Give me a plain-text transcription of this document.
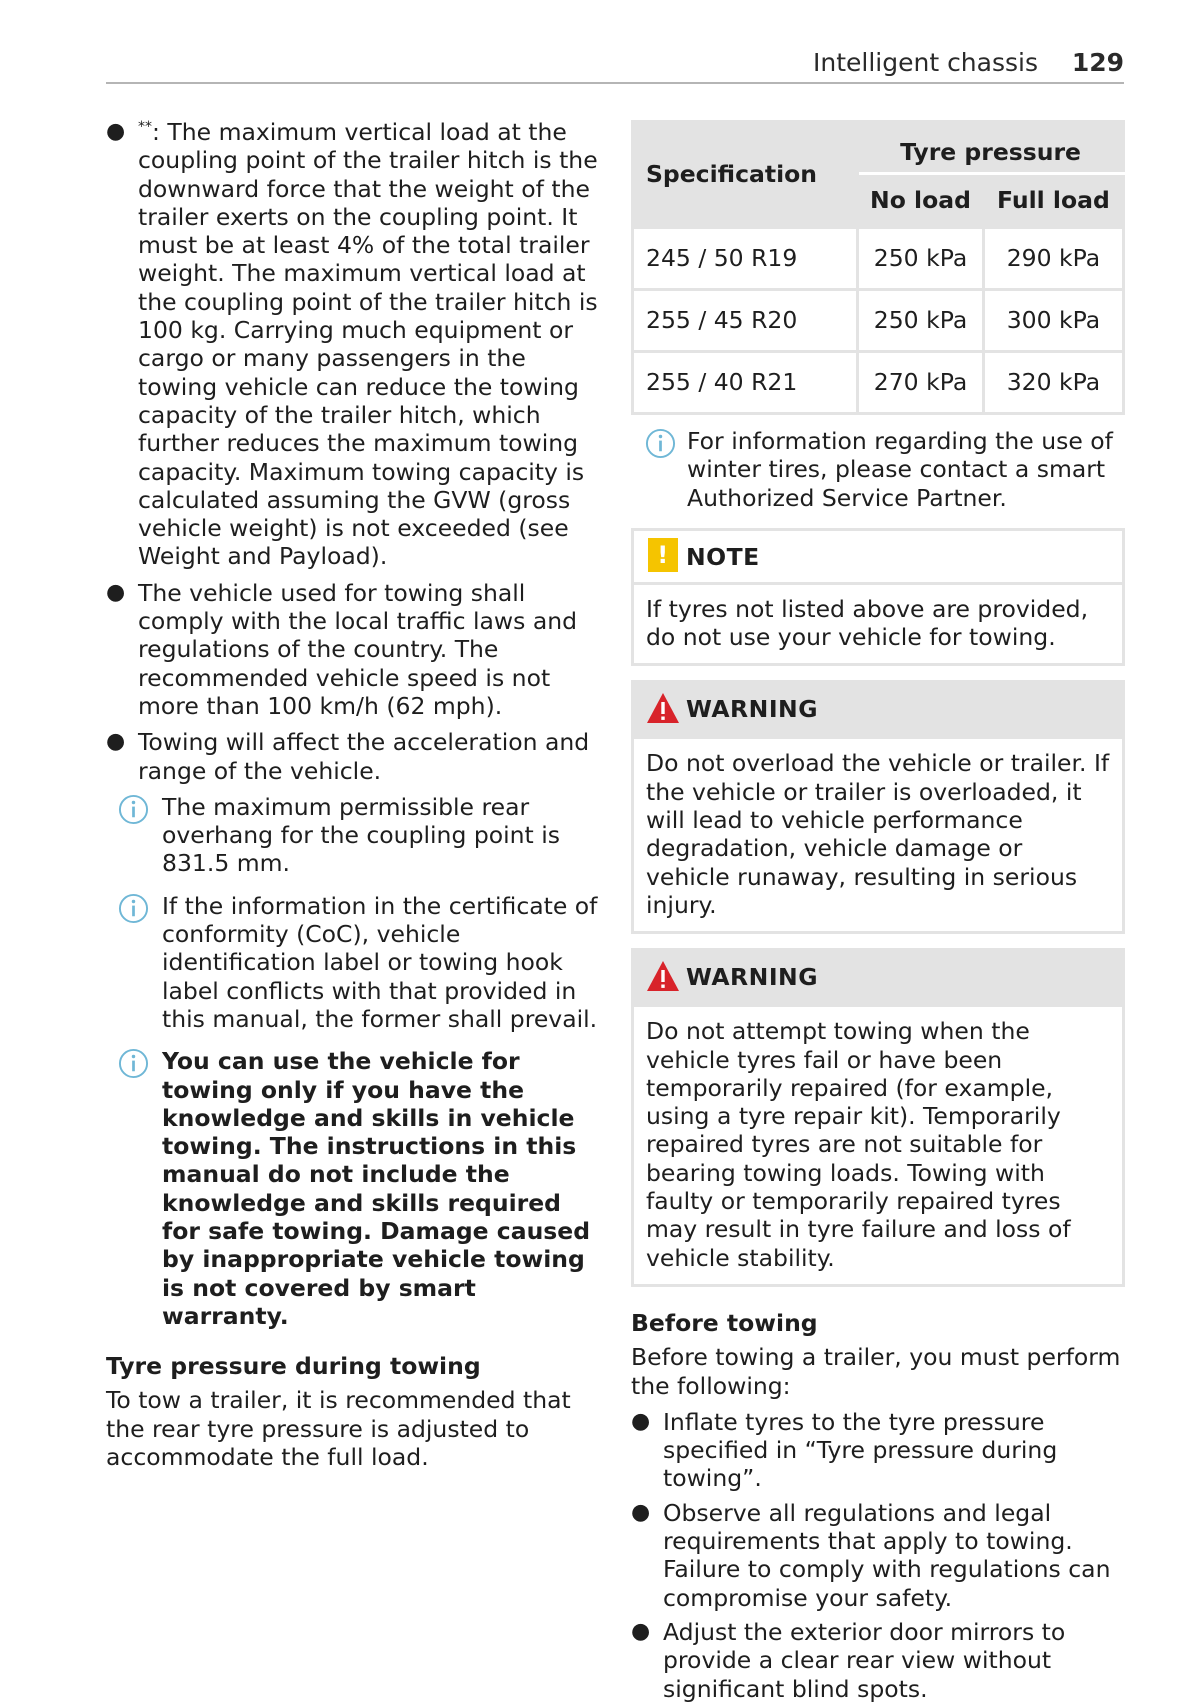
Intelligent chassis 129
● **: The maximum vertical load at the coupling point of the trailer hitch is the downward force that the weight of the trailer exerts on the coupling point. It must be at least 4% of the total trailer weight. The maximum vertical load at the coupling point of the trailer hitch is 100 kg. Carrying much equipment or cargo or many passengers in the towing vehicle can reduce the towing capacity of the trailer hitch, which further reduces the maximum towing capacity. Maximum towing capacity is calculated assuming the GVW (gross vehicle weight) is not exceeded (see Weight and Payload).
● The vehicle used for towing shall comply with the local traffic laws and regulations of the country. The recommended vehicle speed is not more than 100 km/h (62 mph).
● Towing will affect the acceleration and range of the vehicle.
The maximum permissible rear overhang for the coupling point is 831.5 mm.
If the information in the certificate of conformity (CoC), vehicle identification label or towing hook label conflicts with that provided in this manual, the former shall prevail.
You can use the vehicle for towing only if you have the knowledge and skills in vehicle towing. The instructions in this manual do not include the knowledge and skills required for safe towing. Damage caused by inappropriate vehicle towing is not covered by smart warranty.
Tyre pressure during towing

To tow a trailer, it is recommended that the rear tyre pressure is adjusted to accommodate the full load.

Specification	Tyre pressure	
	No load	Full load
245 / 50 R19	250 kPa	290 kPa
255 / 45 R20	250 kPa	300 kPa
255 / 40 R21	270 kPa	320 kPa
For information regarding the use of winter tires, please contact a smart Authorized Service Partner.
! NOTE
If tyres not listed above are provided, do not use your vehicle for towing.
WARNING
Do not overload the vehicle or trailer. If the vehicle or trailer is overloaded, it will lead to vehicle performance degradation, vehicle damage or vehicle runaway, resulting in serious injury.
WARNING
Do not attempt towing when the vehicle tyres fail or have been temporarily repaired (for example, using a tyre repair kit). Temporarily repaired tyres are not suitable for bearing towing loads. Towing with faulty or temporarily repaired tyres may result in tyre failure and loss of vehicle stability.
Before towing

Before towing a trailer, you must perform the following:

● Inflate tyres to the tyre pressure specified in “Tyre pressure during towing”.
● Observe all regulations and legal requirements that apply to towing. Failure to comply with regulations can compromise your safety.
● Adjust the exterior door mirrors to provide a clear rear view without significant blind spots.
